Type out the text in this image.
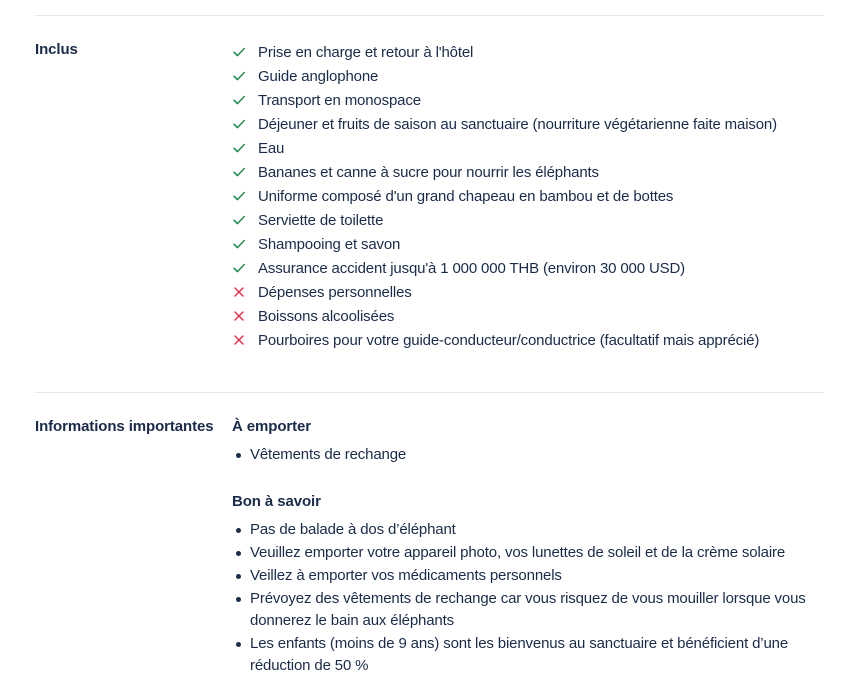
Inclus	Prise en charge et retour à l'hôtel
Guide anglophone
Transport en monospace
Déjeuner et fruits de saison au sanctuaire (nourriture végétarienne faite maison)
Eau
Bananes et canne à sucre pour nourrir les éléphants
Uniforme composé d'un grand chapeau en bambou et de bottes
Serviette de toilette
Shampooing et savon
Assurance accident jusqu'à 1 000 000 THB (environ 30 000 USD)
Dépenses personnelles
Boissons alcoolisées
Pourboires pour votre guide-conducteur/conductrice (facultatif mais apprécié)
Informations importantes À emporter
Vêtements de rechange
Bon à savoir
Pas de balade à dos d’éléphant
Veuillez emporter votre appareil photo, vos lunettes de soleil et de la crème solaire
Veillez à emporter vos médicaments personnels
Prévoyez des vêtements de rechange car vous risquez de vous mouiller lorsque vous donnerez le bain aux éléphants
Les enfants (moins de 9 ans) sont les bienvenus au sanctuaire et bénéficient d’une réduction de 50 %
